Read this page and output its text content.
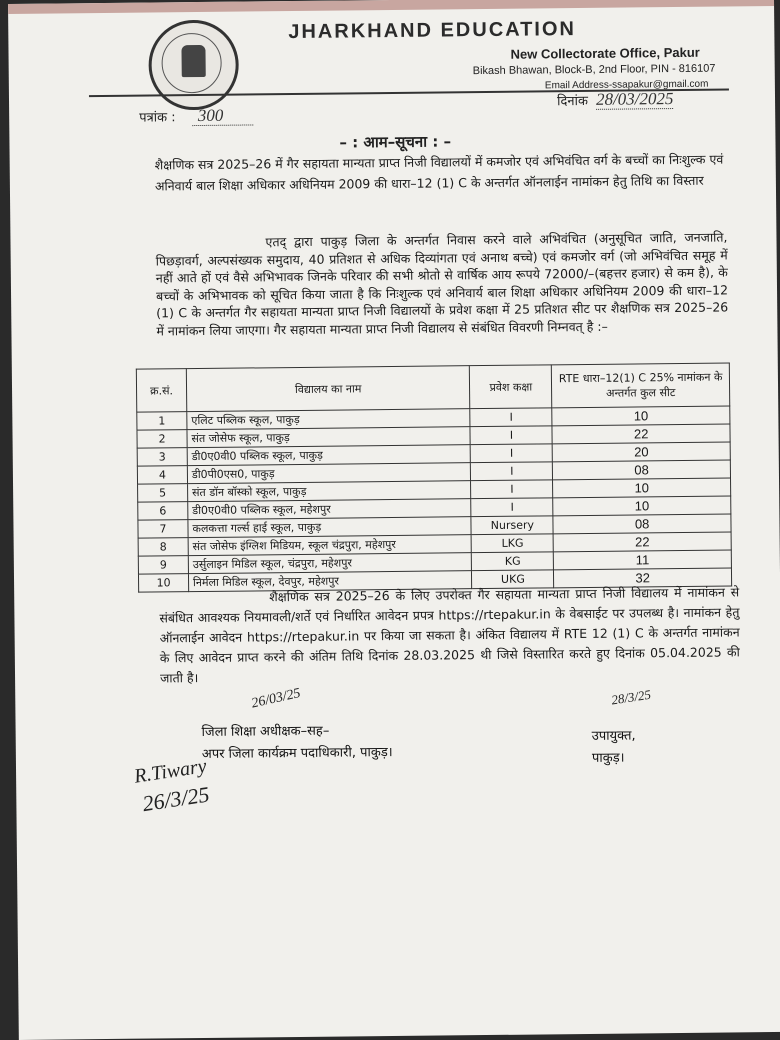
JHARKHAND EDUCATION
New Collectorate Office, Pakur
Bikash Bhawan, Block-B, 2nd Floor, PIN - 816107
Email Address-ssapakur@gmail.com
पत्रांक : 300
दिनांक 28/03/2025
– : आम–सूचना : –
शैक्षणिक सत्र 2025–26 में गैर सहायता मान्यता प्राप्त निजी विद्यालयों में कमजोर एवं अभिवंचित वर्ग के बच्चों का निःशुल्क एवं अनिवार्य बाल शिक्षा अधिकार अधिनियम 2009 की धारा–12 (1) C के अन्तर्गत ऑनलाईन नामांकन हेतु तिथि का विस्तार
एतद् द्वारा पाकुड़ जिला के अन्तर्गत निवास करने वाले अभिवंचित (अनुसूचित जाति, जनजाति, पिछड़ावर्ग, अल्पसंख्यक समुदाय, 40 प्रतिशत से अधिक दिव्यांगता एवं अनाथ बच्चे) एवं कमजोर वर्ग (जो अभिवंचित समूह में नहीं आते हों एवं वैसे अभिभावक जिनके परिवार की सभी श्रोतो से वार्षिक आय रूपये 72000/–(बहत्तर हजार) से कम है), के बच्चों के अभिभावक को सूचित किया जाता है कि निःशुल्क एवं अनिवार्य बाल शिक्षा अधिकार अधिनियम 2009 की धारा–12 (1) C के अन्तर्गत गैर सहायता मान्यता प्राप्त निजी विद्यालयों के प्रवेश कक्षा में 25 प्रतिशत सीट पर शैक्षणिक सत्र 2025–26 में नामांकन लिया जाएगा। गैर सहायता मान्यता प्राप्त निजी विद्यालय से संबंधित विवरणी निम्नवत् है :–
क्र.सं.	विद्यालय का नाम	प्रवेश कक्षा	RTE धारा–12(1) C 25% नामांकन के अन्तर्गत कुल सीट
1	एलिट पब्लिक स्कूल, पाकुड़	I	10
2	संत जोसेफ स्कूल, पाकुड़	I	22
3	डी0ए0वी0 पब्लिक स्कूल, पाकुड़	I	20
4	डी0पी0एस0, पाकुड़	I	08
5	संत डॉन बॉस्को स्कूल, पाकुड़	I	10
6	डी0ए0वी0 पब्लिक स्कूल, महेशपुर	I	10
7	कलकत्ता गर्ल्स हाई स्कूल, पाकुड़	Nursery	08
8	संत जोसेफ इंग्लिश मिडियम, स्कूल चंद्रपुरा, महेशपुर	LKG	22
9	उर्सुलाइन मिडिल स्कूल, चंद्रपुरा, महेशपुर	KG	11
10	निर्मला मिडिल स्कूल, देवपुर, महेशपुर	UKG	32
शैक्षणिक सत्र 2025–26 के लिए उपरोक्त गैर सहायता मान्यता प्राप्त निजी विद्यालय में नामांकन से संबंधित आवश्यक नियमावली/शर्ते एवं निर्धारित आवेदन प्रपत्र https://rtepakur.in के वेबसाईट पर उपलब्ध है। नामांकन हेतु ऑनलाईन आवेदन https://rtepakur.in पर किया जा सकता है। अंकित विद्यालय में RTE 12 (1) C के अन्तर्गत नामांकन के लिए आवेदन प्राप्त करने की अंतिम तिथि दिनांक 28.03.2025 थी जिसे विस्तारित करते हुए दिनांक 05.04.2025 की जाती है।
26/03/25	28/3/25
जिला शिक्षा अधीक्षक–सह–
अपर जिला कार्यक्रम पदाधिकारी, पाकुड़।
उपायुक्त,
पाकुड़।
R.Tiwary
26/3/25
